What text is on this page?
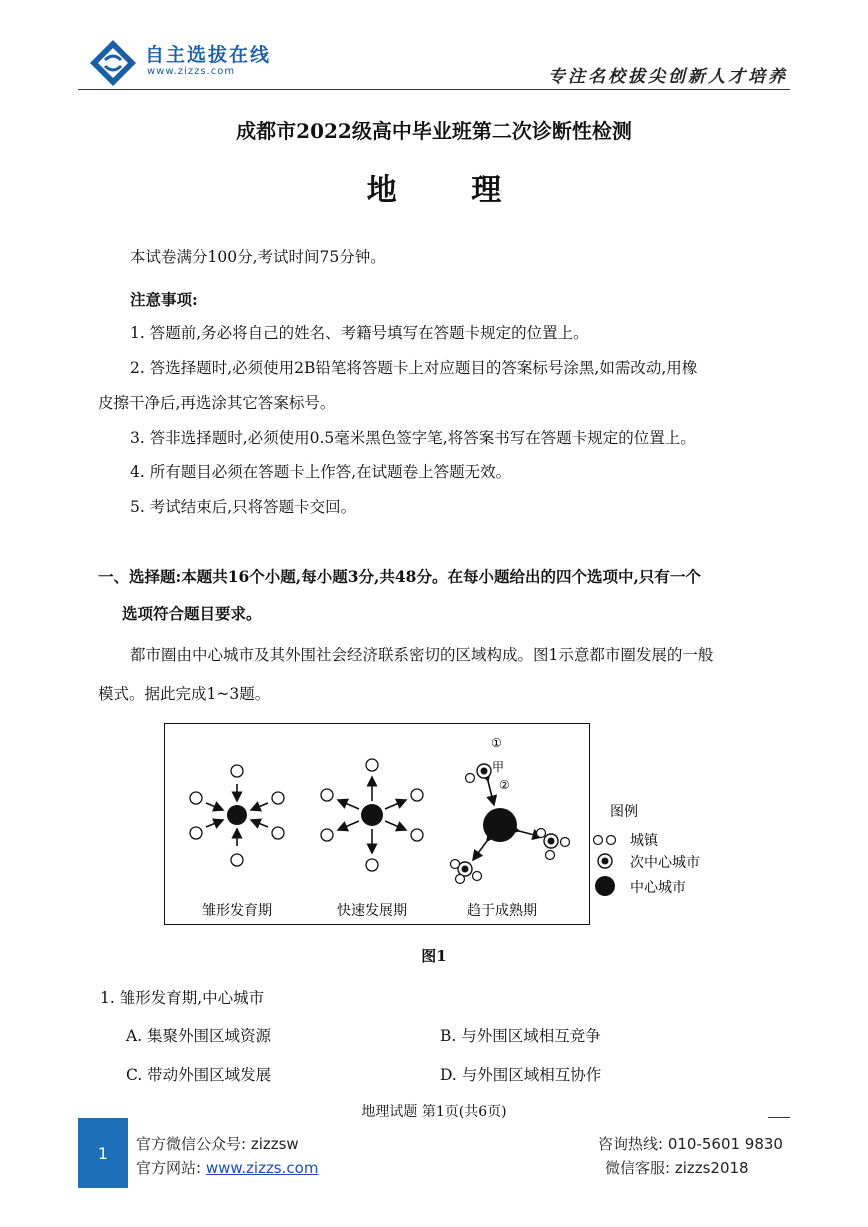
自主选拔在线
www.zizzs.com	专注名校拔尖创新人才培养
成都市2022级高中毕业班第二次诊断性检测
地 理
本试卷满分100分,考试时间75分钟。
注意事项:
1. 答题前,务必将自己的姓名、考籍号填写在答题卡规定的位置上。
2. 答选择题时,必须使用2B铅笔将答题卡上对应题目的答案标号涂黑,如需改动,用橡
皮擦干净后,再选涂其它答案标号。
3. 答非选择题时,必须使用0.5毫米黑色签字笔,将答案书写在答题卡规定的位置上。
4. 所有题目必须在答题卡上作答,在试题卷上答题无效。
5. 考试结束后,只将答题卡交回。
一、选择题:本题共16个小题,每小题3分,共48分。在每小题给出的四个选项中,只有一个
选项符合题目要求。
都市圈由中心城市及其外围社会经济联系密切的区域构成。图1示意都市圈发展的一般
模式。据此完成1~3题。
①
甲
②
雏形发育期	快速发展期	趋于成熟期
图例
城镇
次中心城市
中心城市
图1
1. 雏形发育期,中心城市
A. 集聚外围区域资源	B. 与外围区域相互竞争
C. 带动外围区域发展	D. 与外围区域相互协作
地理试题 第1页(共6页)
1	官方微信公众号: zizzsw
官方网站: www.zizzs.com
咨询热线: 010-5601 9830
微信客服: zizzs2018
